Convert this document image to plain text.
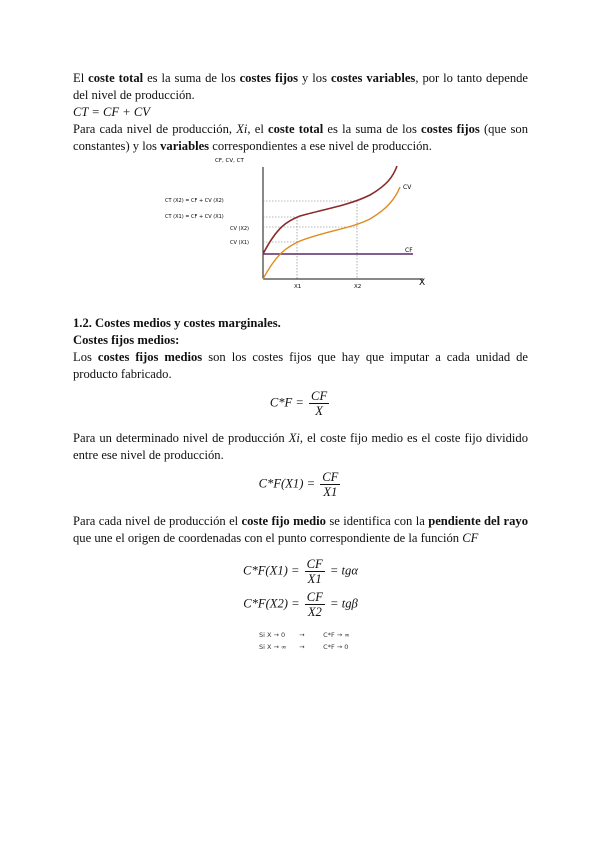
El coste total es la suma de los costes fijos y los costes variables, por lo tanto depende del nivel de producción.

CT = CF + CV

Para cada nivel de producción, Xi, el coste total es la suma de los costes fijos (que son constantes) y los variables correspondientes a ese nivel de producción.

CF, CV, CT
X
CT (X2) = CF + CV (X2)
CT (X1) = CF + CV (X1)
CV (X2)
CV (X1)
X1	X2
CV
CF

1.2. Costes medios y costes marginales.

Costes fijos medios:

Los costes fijos medios son los costes fijos que hay que imputar a cada unidad de producto fabricado.

$C*F = \frac{CF}{X}$

Para un determinado nivel de producción Xi, el coste fijo medio es el coste fijo dividido entre ese nivel de producción.

$C*F(X1) = \frac{CF}{X1}$

Para cada nivel de producción el coste fijo medio se identifica con la pendiente del rayo que une el origen de coordenadas con el punto correspondiente de la función CF

$C*F(X1) = \frac{CF}{X1} = tg\alpha$
$C*F(X2) = \frac{CF}{X2} = tg\beta$
Si X → 0 →	C*F → ∞
Si X → ∞ →	C*F → 0
